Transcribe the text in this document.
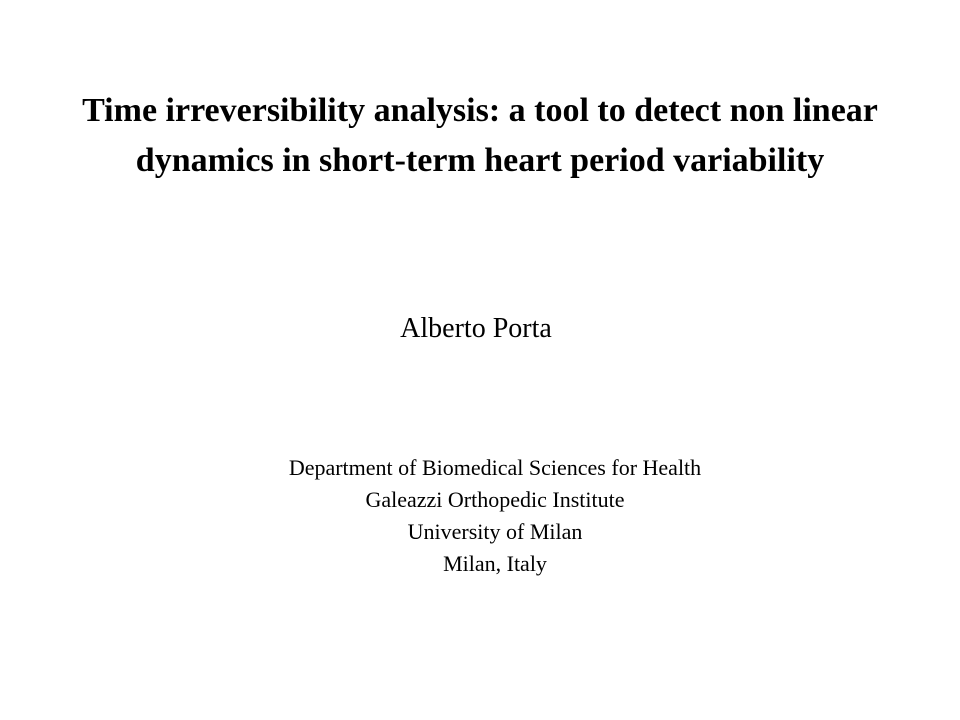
Time irreversibility analysis: a tool to detect non linear
dynamics in short-term heart period variability
Alberto Porta
Department of Biomedical Sciences for Health
Galeazzi Orthopedic Institute
University of Milan
Milan, Italy
